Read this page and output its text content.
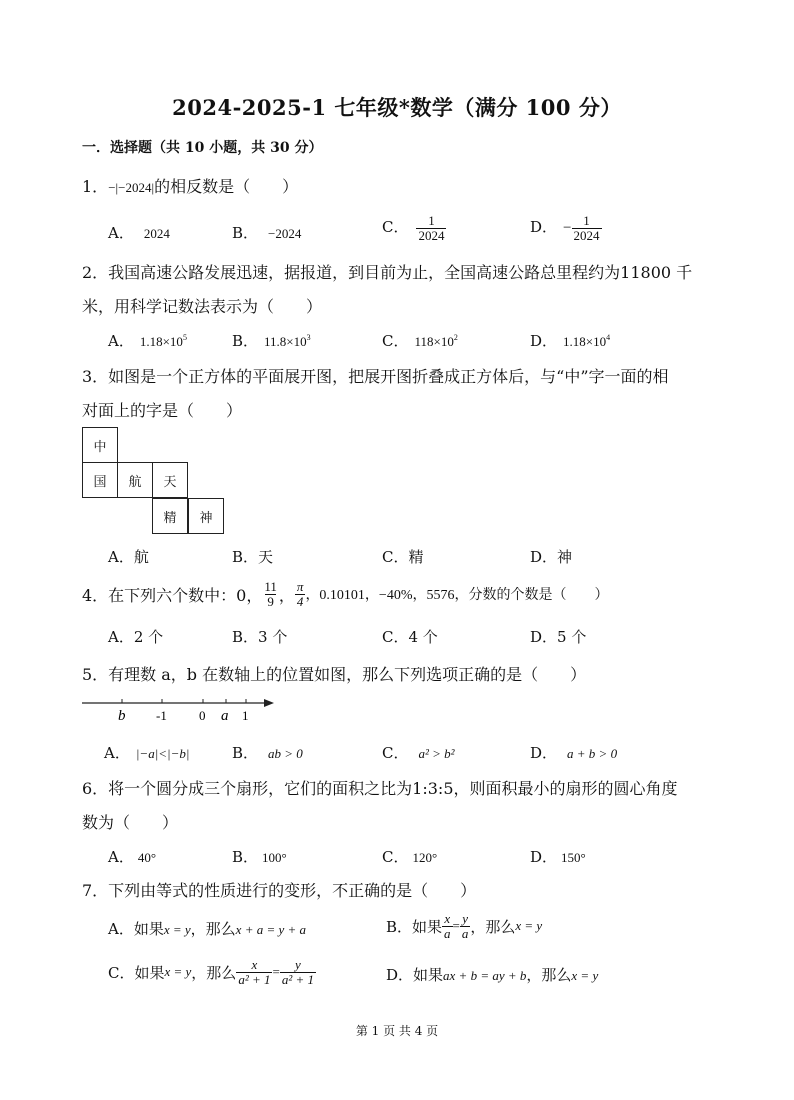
2024-2025-1 七年级*数学（满分 100 分）
一．选择题（共 10 小题，共 30 分）
1．−|−2024|的相反数是（　　）
A． 2024	B． −2024	C． $\frac{1}{2024}$	D． − $\frac{1}{2024}$
2．我国高速公路发展迅速，据报道，到目前为止，全国高速公路总里程约为11800 千
米，用科学记数法表示为（　　）
A． $1.18\times 10^5$	B． $11.8\times 10^3$	C． $118\times 10^2$	D． $1.18\times 10^4$
3．如图是一个正方体的平面展开图，把展开图折叠成正方体后，与“中”字一面的相
对面上的字是（　　）
中
国	航	天
精	神
A．航	B．天	C．精	D．神
4．在下列六个数中：0， $\frac{11}{9}$ ， $\frac{\pi}{4}$ ，0.10101，−40%，5576，分数的个数是（　　）
A．2 个	B．3 个	C．4 个	D．5 个
5．有理数 a，b 在数轴上的位置如图，那么下列选项正确的是（　　）
b -1 0 a 1
A． |−a|<|−b|	B． ab > 0	C． a² > b²	D． a + b > 0
6．将一个圆分成三个扇形，它们的面积之比为1:3:5，则面积最小的扇形的圆心角度
数为（　　）
A． 40°	B． 100°	C． 120°	D． 150°
7．下列由等式的性质进行的变形，不正确的是（　　）
A．如果x = y，那么x + a = y + a	B．如果 $\frac{x}{a} = \frac{y}{a}$ ，那么 x = y
C．如果 x = y ，那么 $\frac{x}{\text{a² + 1}} = \frac{y}{\text{a² + 1}}$	D．如果ax + b = ay + b，那么x = y
第 1 页 共 4 页
